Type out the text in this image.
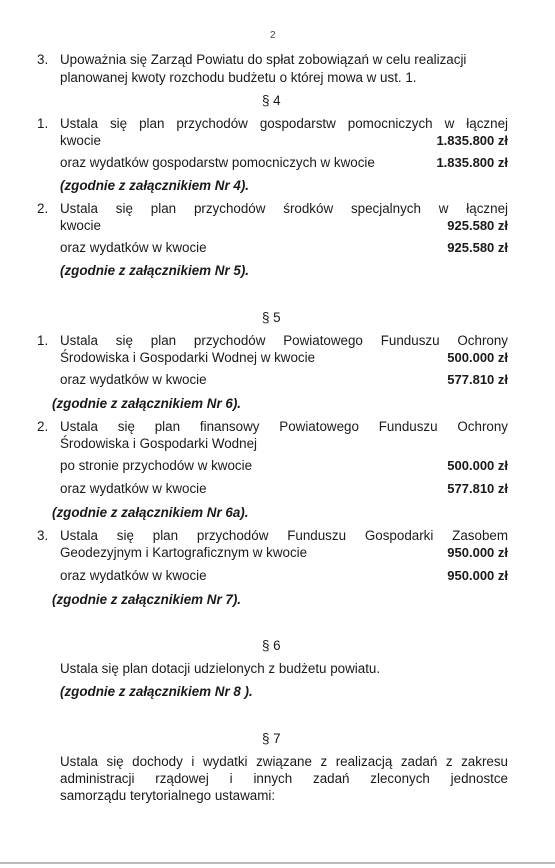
2
3. Upoważnia się Zarząd Powiatu do spłat zobowiązań w celu realizacji
planowanej kwoty rozchodu budżetu o której mowa w ust. 1.
§ 4
1. Ustala się plan przychodów gospodarstw pomocniczych w łącznej
kwocie	1.835.800 zł
oraz wydatków gospodarstw pomocniczych w kwocie	1.835.800 zł
(zgodnie z załącznikiem Nr 4).
2. Ustala się plan przychodów środków specjalnych w łącznej
kwocie	925.580 zł
oraz wydatków w kwocie	925.580 zł
(zgodnie z załącznikiem Nr 5).
§ 5
1. Ustala się plan przychodów Powiatowego Funduszu Ochrony
Środowiska i Gospodarki Wodnej w kwocie	500.000 zł
oraz wydatków w kwocie	577.810 zł
(zgodnie z załącznikiem Nr 6).
2. Ustala się plan finansowy Powiatowego Funduszu Ochrony
Środowiska i Gospodarki Wodnej
po stronie przychodów w kwocie	500.000 zł
oraz wydatków w kwocie	577.810 zł
(zgodnie z załącznikiem Nr 6a).
3. Ustala się plan przychodów Funduszu Gospodarki Zasobem
Geodezyjnym i Kartograficznym w kwocie	950.000 zł
oraz wydatków w kwocie	950.000 zł
(zgodnie z załącznikiem Nr 7).
§ 6
Ustala się plan dotacji udzielonych z budżetu powiatu.
(zgodnie z załącznikiem Nr 8 ).
§ 7
Ustala się dochody i wydatki związane z realizacją zadań z zakresu
administracji rządowej i innych zadań zleconych jednostce
samorządu terytorialnego ustawami:
